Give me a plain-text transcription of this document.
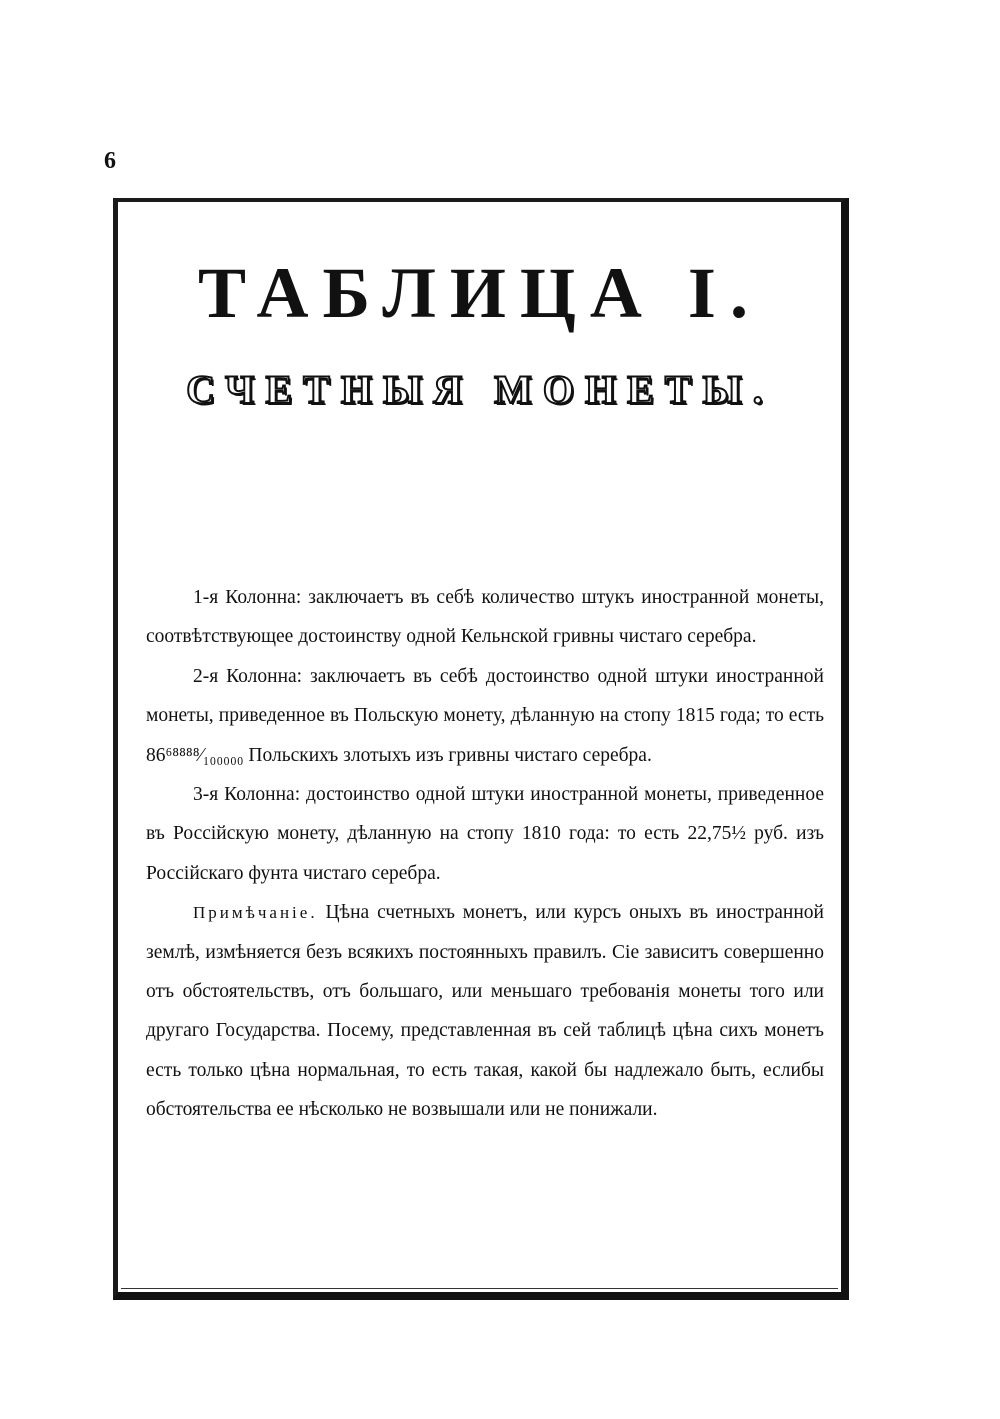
6
ТАБЛИЦА I.
СЧЕТНЫЯ МОНЕТЫ.

1-я Колонна: заключаетъ въ себѣ количество штукъ иностранной монеты, соотвѣтствующее достоинству одной Кельнской гривны чистаго серебра.

2-я Колонна: заключаетъ въ себѣ достоинство одной штуки иностранной монеты, приведенное въ Польскую монету, дѣланную на стопу 1815 года; то есть 86⁶⁸⁸⁸⁸⁄₁₀₀₀₀₀ Польскихъ злотыхъ изъ гривны чистаго серебра.

3-я Колонна: достоинство одной штуки иностранной монеты, приведенное въ Россійскую монету, дѣланную на стопу 1810 года: то есть 22,75½ руб. изъ Россійскаго фунта чистаго серебра.

Примѣчаніе. Цѣна счетныхъ монетъ, или курсъ оныхъ въ иностранной землѣ, измѣняется безъ всякихъ постоянныхъ правилъ. Сіе зависитъ совершенно отъ обстоятельствъ, отъ большаго, или меньшаго требованія монеты того или другаго Государства. Посему, представленная въ сей таблицѣ цѣна сихъ монетъ есть только цѣна нормальная, то есть такая, какой бы надлежало быть, еслибы обстоятельства ее нѣсколько не возвышали или не понижали.
